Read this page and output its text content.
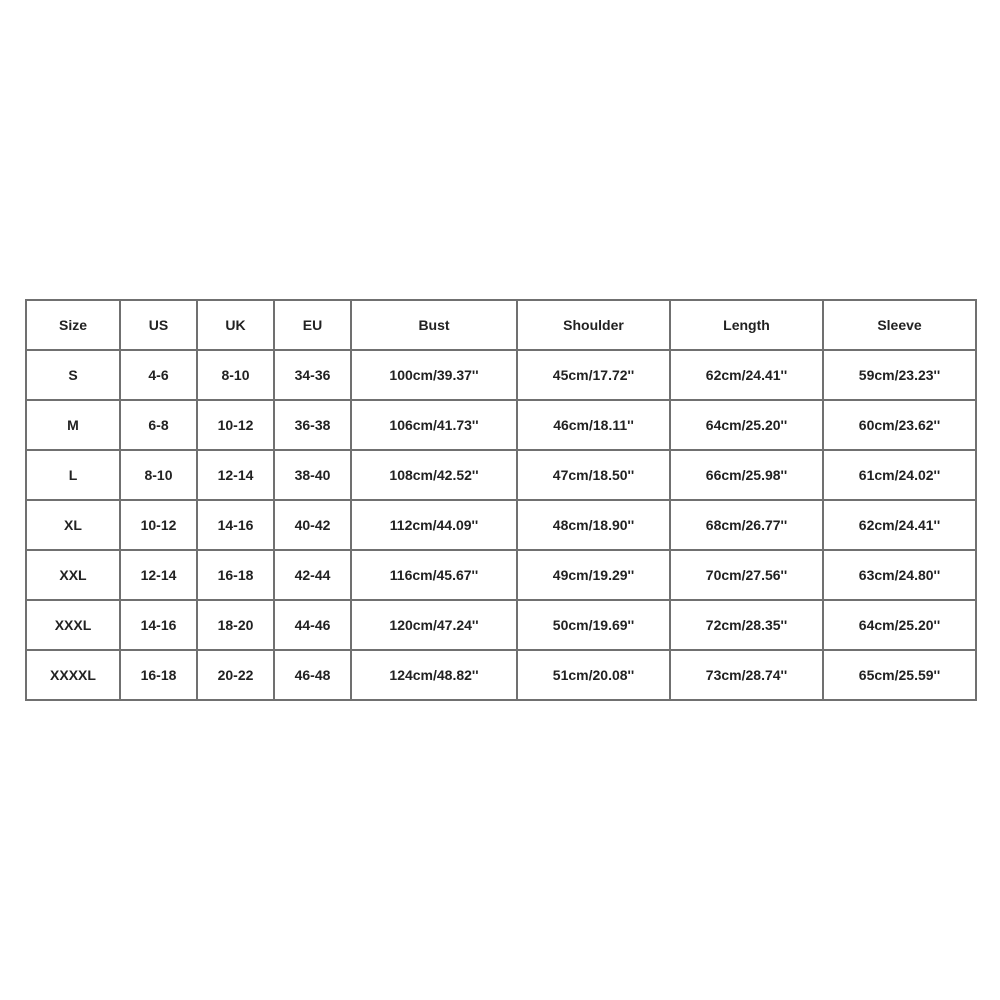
Size	US	UK	EU	Bust	Shoulder	Length	Sleeve
S	4-6	8-10	34-36	100cm/39.37''	45cm/17.72''	62cm/24.41''	59cm/23.23''
M	6-8	10-12	36-38	106cm/41.73''	46cm/18.11''	64cm/25.20''	60cm/23.62''
L	8-10	12-14	38-40	108cm/42.52''	47cm/18.50''	66cm/25.98''	61cm/24.02''
XL	10-12	14-16	40-42	112cm/44.09''	48cm/18.90''	68cm/26.77''	62cm/24.41''
XXL	12-14	16-18	42-44	116cm/45.67''	49cm/19.29''	70cm/27.56''	63cm/24.80''
XXXL	14-16	18-20	44-46	120cm/47.24''	50cm/19.69''	72cm/28.35''	64cm/25.20''
XXXXL	16-18	20-22	46-48	124cm/48.82''	51cm/20.08''	73cm/28.74''	65cm/25.59''
